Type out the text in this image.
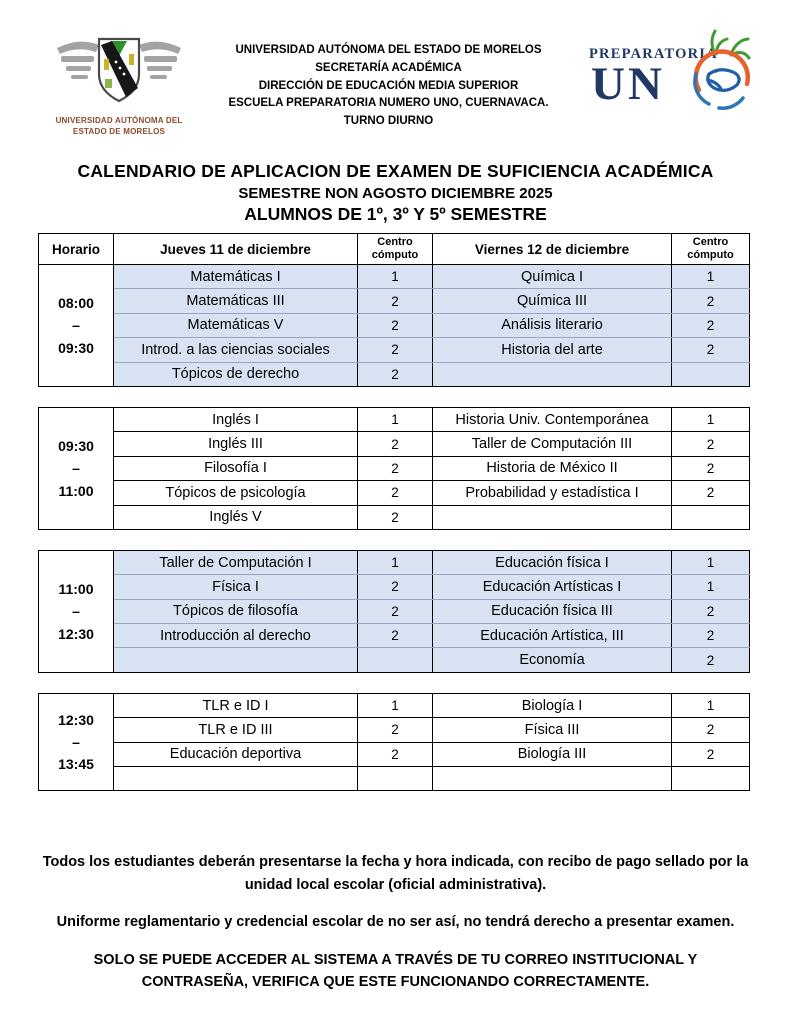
UNIVERSIDAD AUTÓNOMA DEL
ESTADO DE MORELOS
UNIVERSIDAD AUTÓNOMA DEL ESTADO DE MORELOS
SECRETARÍA ACADÉMICA
DIRECCIÓN DE EDUCACIÓN MEDIA SUPERIOR
ESCUELA PREPARATORIA NUMERO UNO, CUERNAVACA.
TURNO DIURNO
PREPARATORIA
UN
CALENDARIO DE APLICACION DE EXAMEN DE SUFICIENCIA ACADÉMICA
SEMESTRE NON AGOSTO DICIEMBRE 2025
ALUMNOS DE 1º, 3º Y 5º SEMESTRE
Horario	Jueves 11 de diciembre	Centro cómputo	Viernes 12 de diciembre	Centro cómputo
08:00
–
09:30	Matemáticas I	1	Química I	1
	Matemáticas III	2	Química III	2
	Matemáticas V	2	Análisis literario	2
	Introd. a las ciencias sociales	2	Historia del arte	2
	Tópicos de derecho	2		
09:30
–
11:00	Inglés I	1	Historia Univ. Contemporánea	1
	Inglés III	2	Taller de Computación III	2
	Filosofía I	2	Historia de México II	2
	Tópicos de psicología	2	Probabilidad y estadística I	2
	Inglés V	2		
11:00
–
12:30	Taller de Computación I	1	Educación física I	1
	Física I	2	Educación Artísticas I	1
	Tópicos de filosofía	2	Educación física III	2
	Introducción al derecho	2	Educación Artística, III	2
			Economía	2
12:30
–
13:45	TLR e ID I	1	Biología I	1
	TLR e ID III	2	Física III	2
	Educación deportiva	2	Biología III	2

Todos los estudiantes deberán presentarse la fecha y hora indicada, con recibo de pago sellado por la unidad local escolar (oficial administrativa).

Uniforme reglamentario y credencial escolar de no ser así, no tendrá derecho a presentar examen.

SOLO SE PUEDE ACCEDER AL SISTEMA A TRAVÉS DE TU CORREO INSTITUCIONAL Y CONTRASEÑA, VERIFICA QUE ESTE FUNCIONANDO CORRECTAMENTE.
